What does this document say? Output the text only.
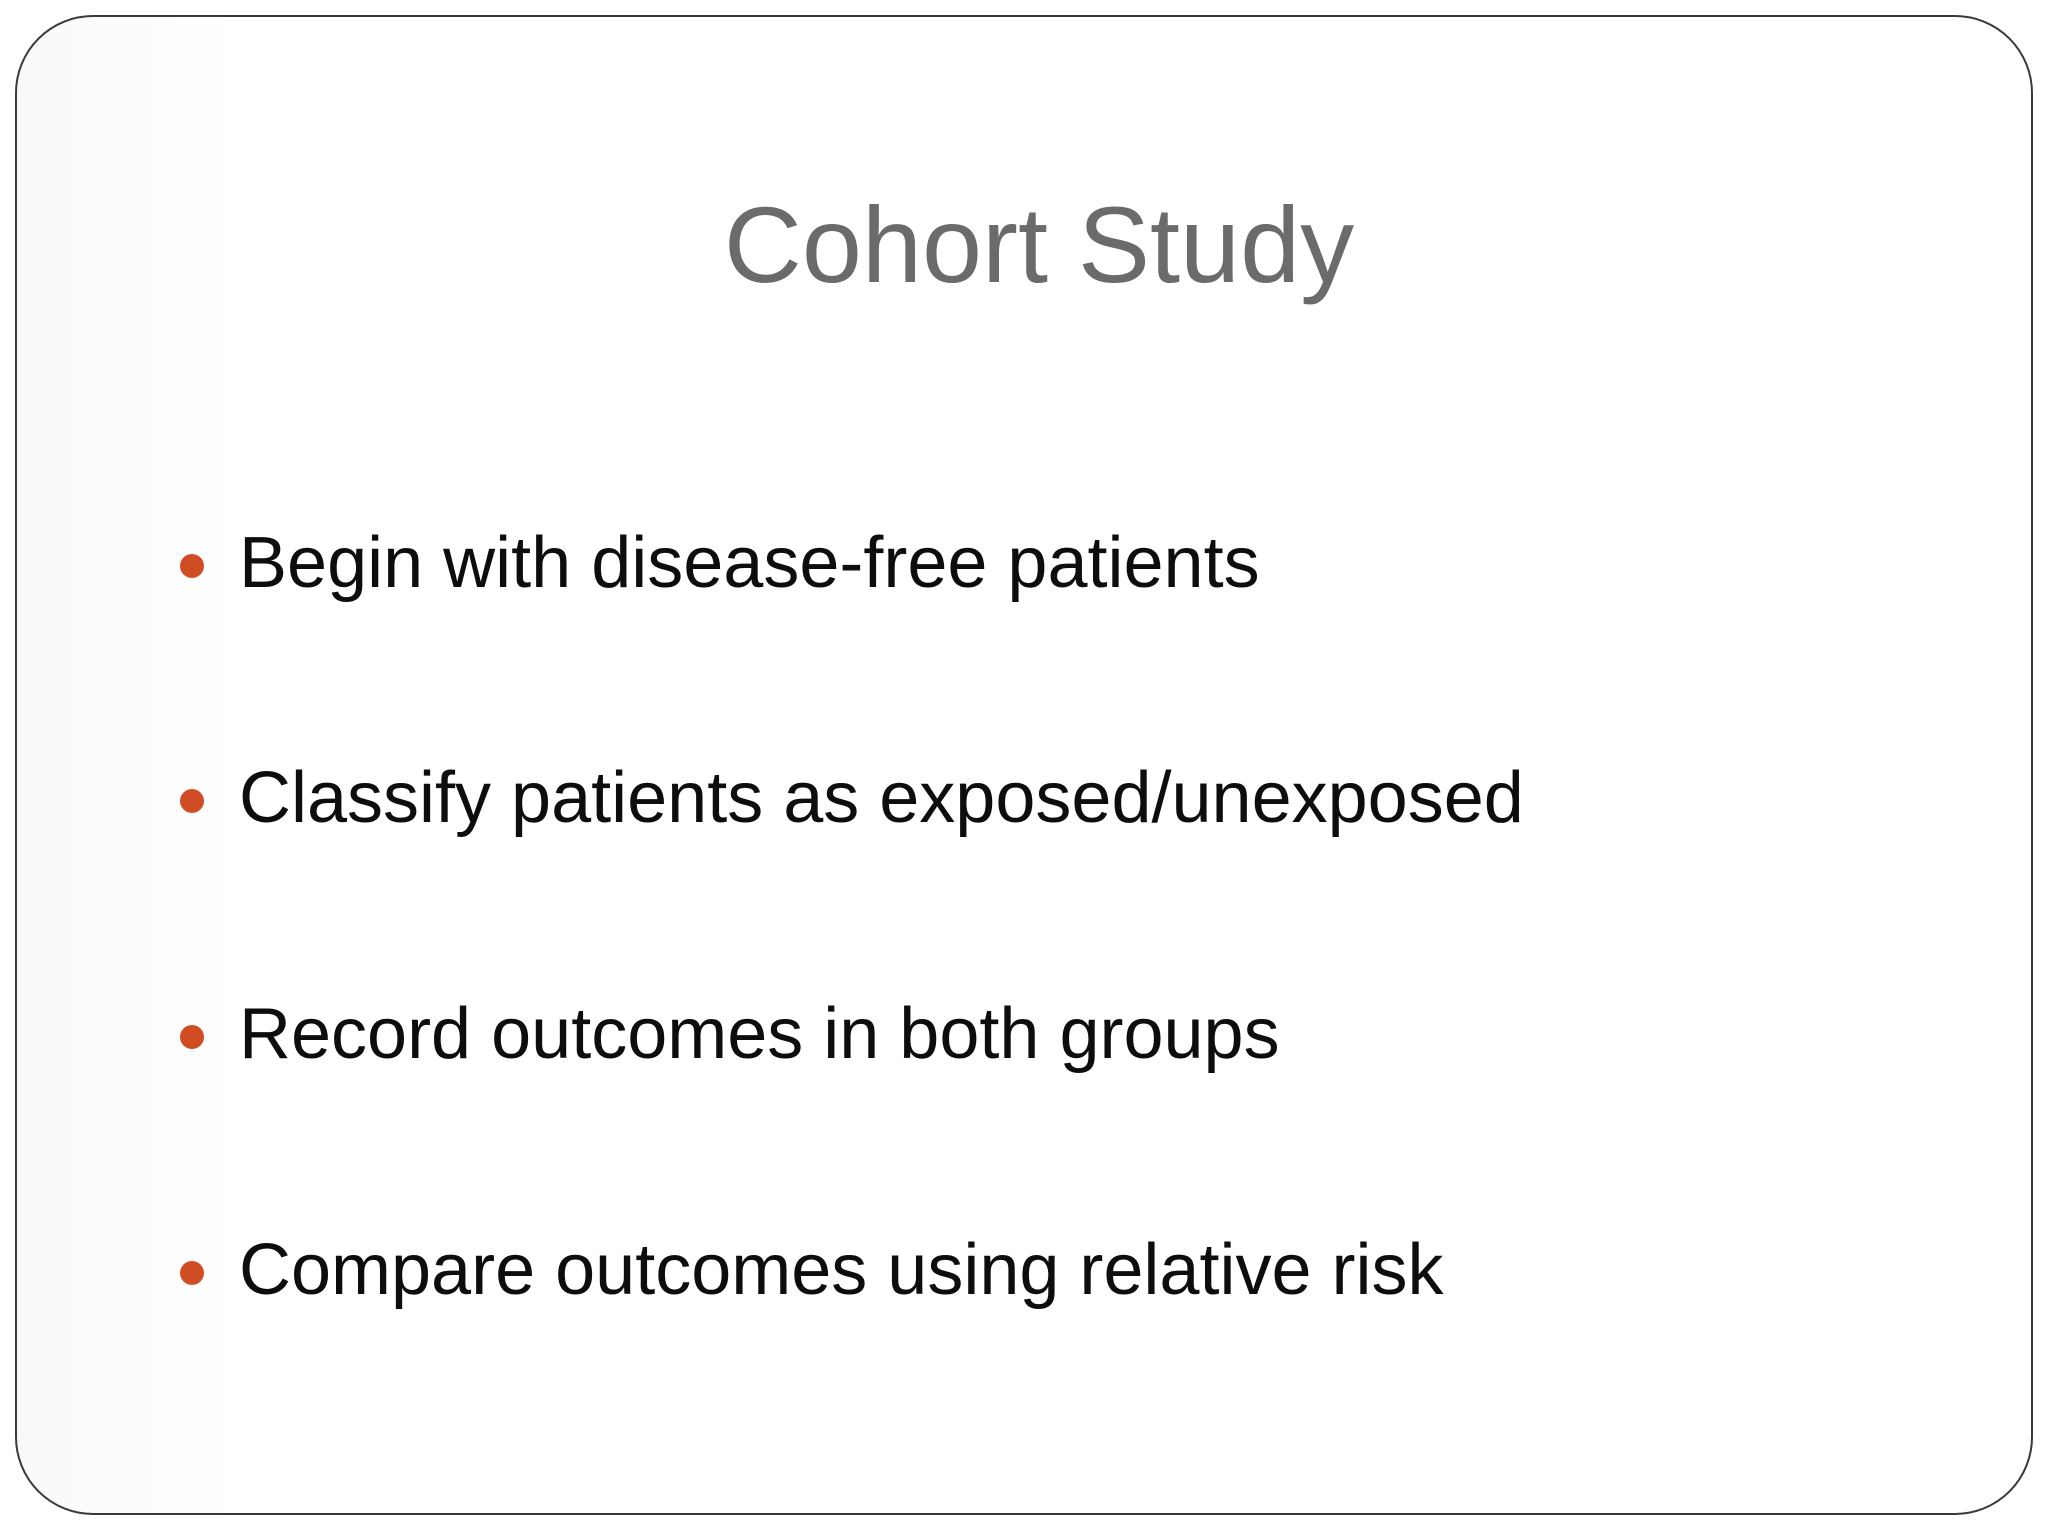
Cohort Study
Begin with disease-free patients
Classify patients as exposed/unexposed
Record outcomes in both groups
Compare outcomes using relative risk
